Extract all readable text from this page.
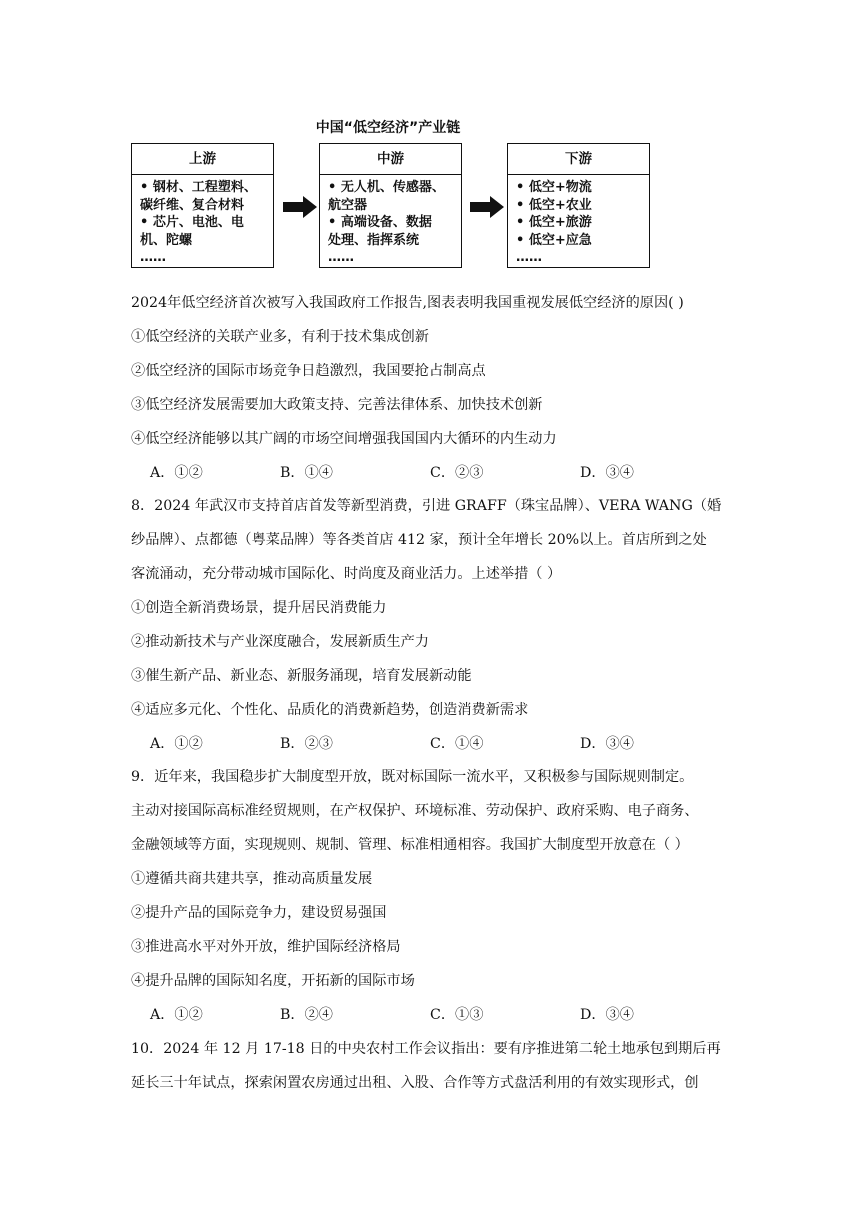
中国“低空经济”产业链
上游
• 钢材、工程塑料、
碳纤维、复合材料
• 芯片、电池、电
机、陀螺
……
中游
• 无人机、传感器、
航空器
• 高端设备、数据
处理、指挥系统
……
下游
• 低空+物流
• 低空+农业
• 低空+旅游
• 低空+应急
……
2024年低空经济首次被写入我国政府工作报告,图表表明我国重视发展低空经济的原因( )
①低空经济的关联产业多，有利于技术集成创新
②低空经济的国际市场竞争日趋激烈，我国要抢占制高点
③低空经济发展需要加大政策支持、完善法律体系、加快技术创新
④低空经济能够以其广阔的市场空间增强我国国内大循环的内生动力
A．①②	B．①④	C．②③	D．③④
8．2024 年武汉市支持首店首发等新型消费，引进 GRAFF（珠宝品牌）、VERA WANG（婚
纱品牌）、点都德（粤菜品牌）等各类首店 412 家，预计全年增长 20%以上。首店所到之处
客流涌动，充分带动城市国际化、时尚度及商业活力。上述举措（ ）
①创造全新消费场景，提升居民消费能力
②推动新技术与产业深度融合，发展新质生产力
③催生新产品、新业态、新服务涌现，培育发展新动能
④适应多元化、个性化、品质化的消费新趋势，创造消费新需求
A．①②	B．②③	C．①④	D．③④
9．近年来，我国稳步扩大制度型开放，既对标国际一流水平，又积极参与国际规则制定。
主动对接国际高标准经贸规则，在产权保护、环境标准、劳动保护、政府采购、电子商务、
金融领域等方面，实现规则、规制、管理、标准相通相容。我国扩大制度型开放意在（ ）
①遵循共商共建共享，推动高质量发展
②提升产品的国际竞争力，建设贸易强国
③推进高水平对外开放，维护国际经济格局
④提升品牌的国际知名度，开拓新的国际市场
A．①②	B．②④	C．①③	D．③④
10．2024 年 12 月 17-18 日的中央农村工作会议指出：要有序推进第二轮土地承包到期后再
延长三十年试点，探索闲置农房通过出租、入股、合作等方式盘活利用的有效实现形式，创
